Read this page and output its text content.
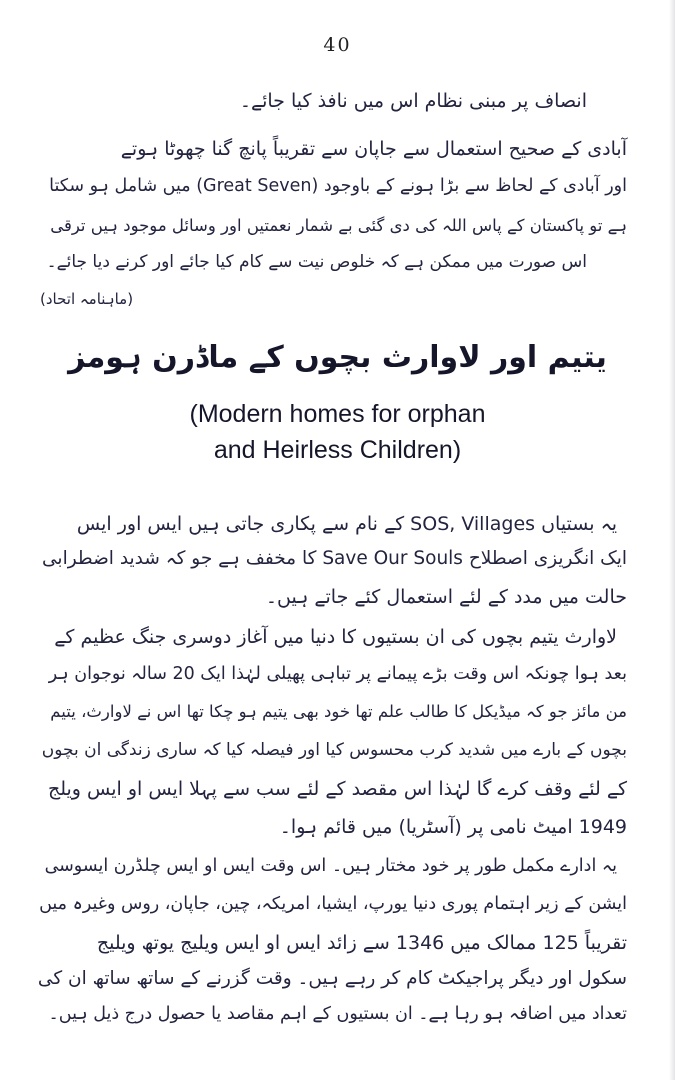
40
انصاف پر مبنی نظام اس میں نافذ کیا جائے۔
آبادی کے صحیح استعمال سے جاپان سے تقریباً پانچ گنا چھوٹا ہوتے
اور آبادی کے لحاظ سے بڑا ہونے کے باوجود (Great Seven) میں شامل ہو سکتا
ہے تو پاکستان کے پاس اللہ کی دی گئی بے شمار نعمتیں اور وسائل موجود ہیں ترقی
اس صورت میں ممکن ہے کہ خلوص نیت سے کام کیا جائے اور کرنے دیا جائے۔
(ماہنامہ اتحاد)
یتیم اور لاوارث بچوں کے ماڈرن ہومز
(Modern homes for orphan
and Heirless Children)
یہ بستیاں SOS, Villages کے نام سے پکاری جاتی ہیں ایس اور ایس
ایک انگریزی اصطلاح Save Our Souls کا مخفف ہے جو کہ شدید اضطرابی
حالت میں مدد کے لئے استعمال کئے جاتے ہیں۔
لاوارث یتیم بچوں کی ان بستیوں کا دنیا میں آغاز دوسری جنگ عظیم کے
بعد ہوا چونکہ اس وقت بڑے پیمانے پر تباہی پھیلی لہٰذا ایک 20 سالہ نوجوان ہر
من مائز جو کہ میڈیکل کا طالب علم تھا خود بھی یتیم ہو چکا تھا اس نے لاوارث، یتیم
بچوں کے بارے میں شدید کرب محسوس کیا اور فیصلہ کیا کہ ساری زندگی ان بچوں
کے لئے وقف کرے گا لہٰذا اس مقصد کے لئے سب سے پہلا ایس او ایس ویلج
1949 امیٹ نامی پر (آسٹریا) میں قائم ہوا۔
یہ ادارے مکمل طور پر خود مختار ہیں۔ اس وقت ایس او ایس چلڈرن ایسوسی
ایشن کے زیر اہتمام پوری دنیا یورپ، ایشیا، امریکہ، چین، جاپان، روس وغیرہ میں
تقریباً 125 ممالک میں 1346 سے زائد ایس او ایس ویلیج یوتھ ویلیج
سکول اور دیگر پراجیکٹ کام کر رہے ہیں۔ وقت گزرنے کے ساتھ ساتھ ان کی
تعداد میں اضافہ ہو رہا ہے۔ ان بستیوں کے اہم مقاصد یا حصول درج ذیل ہیں۔
